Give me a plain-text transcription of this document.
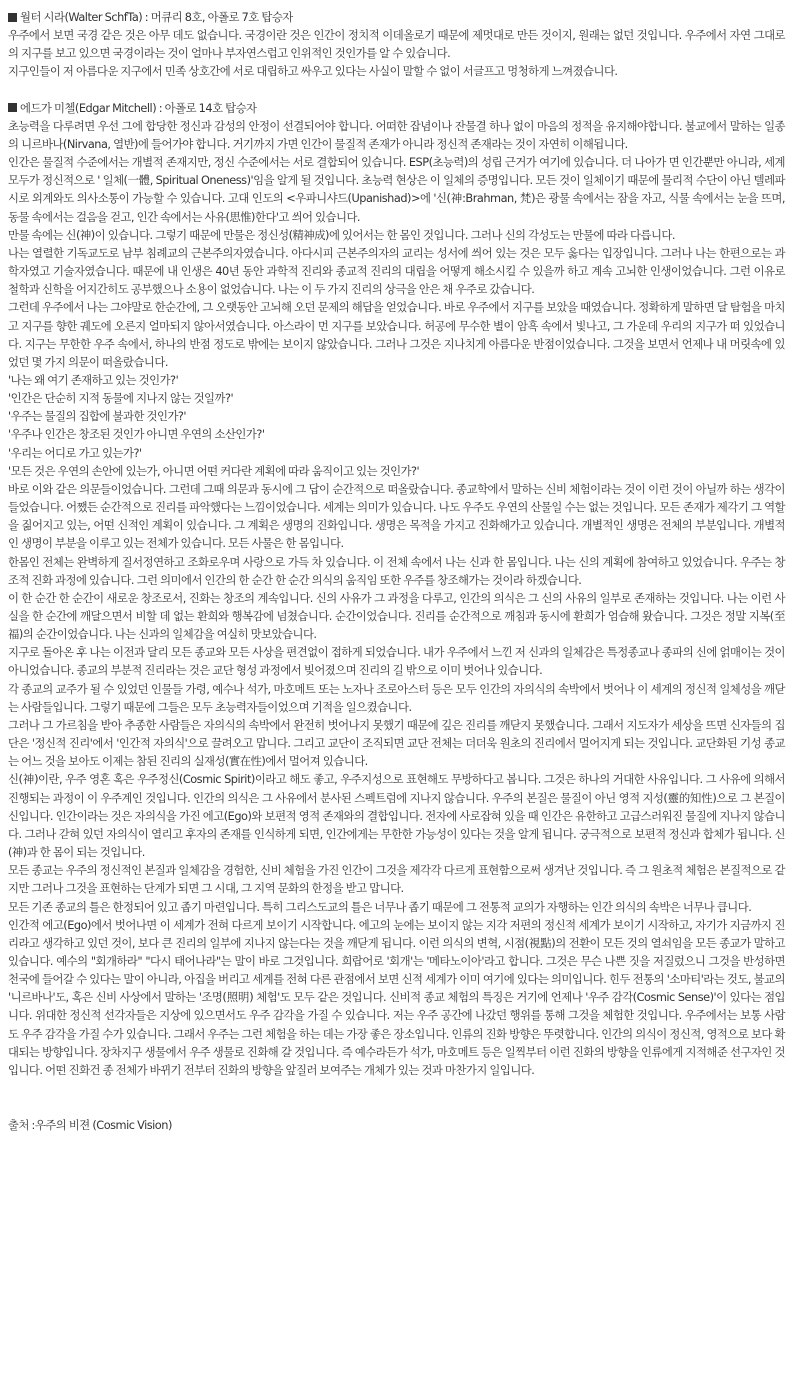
월터 시라(Walter SchfTa) : 머큐리 8호, 아폴로 7호 탑승자

우주에서 보면 국경 같은 것은 아무 데도 없습니다. 국경이란 것은 인간이 정치적 이데올로기 때문에 제멋대로 만든 것이지, 원래는 없던 것입니다. 우주에서 자연 그대로의 지구를 보고 있으면 국경이라는 것이 얼마나 부자연스럽고 인위적인 것인가를 알 수 있습니다.

지구인들이 저 아름다운 지구에서 민족 상호간에 서로 대립하고 싸우고 있다는 사실이 말할 수 없이 서글프고 멍청하게 느껴졌습니다.

에드가 미첼(Edgar Mitchell) : 아폴로 14호 탑승자

초능력을 다루려면 우선 그에 합당한 정신과 감성의 안정이 선결되어야 합니다. 어떠한 잡념이나 잔물결 하나 없이 마음의 정적을 유지해야합니다. 불교에서 말하는 일종의 니르바나(Nirvana, 열반)에 들어가야 합니다. 거기까지 가면 인간이 물질적 존재가 아니라 정신적 존재라는 것이 자연히 이해됩니다.

인간은 물질적 수준에서는 개별적 존재지만, 정신 수준에서는 서로 결합되어 있습니다. ESP(초능력)의 성립 근거가 여기에 있습니다. 더 나아가 면 인간뿐만 아니라, 세계 모두가 정신적으로 ' 일체(一體, Spiritual Oneness)'임을 알게 될 것입니다. 초능력 현상은 이 일체의 증명입니다. 모든 것이 일체이기 때문에 물리적 수단이 아닌 텔레파시로 외계와도 의사소통이 가능할 수 있습니다. 고대 인도의 <우파니샤드(Upanishad)>에 '신(神:Brahman, 梵)은 광물 속에서는 잠을 자고, 식물 속에서는 눈을 뜨며, 동물 속에서는 걸음을 걷고, 인간 속에서는 사유(思惟)한다'고 씌어 있습니다.

만물 속에는 신(神)이 있습니다. 그렇기 때문에 만물은 정신성(精神成)에 있어서는 한 몸인 것입니다. 그러나 신의 각성도는 만물에 따라 다릅니다.

나는 열렬한 기독교도로 남부 침례교의 근본주의자였습니다. 아다시피 근본주의자의 교리는 성서에 씌어 있는 것은 모두 옳다는 입장입니다. 그러나 나는 한편으로는 과학자였고 기술자였습니다. 때문에 내 인생은 40년 동안 과학적 진리와 종교적 진리의 대립을 어떻게 해소시킬 수 있을까 하고 계속 고뇌한 인생이었습니다. 그런 이유로 철학과 신학을 어지간히도 공부했으나 소용이 없었습니다. 나는 이 두 가지 진리의 상극을 안은 채 우주로 갔습니다.

그런데 우주에서 나는 그야말로 한순간에, 그 오랫동안 고뇌해 오던 문제의 해답을 얻었습니다. 바로 우주에서 지구를 보았을 때였습니다. 정확하게 말하면 달 탐험을 마치고 지구를 향한 궤도에 오른지 얼마되지 않아서였습니다. 아스라이 먼 지구를 보았습니다. 허공에 무수한 별이 암흑 속에서 빛나고, 그 가운데 우리의 지구가 떠 있었습니다. 지구는 무한한 우주 속에서, 하나의 반점 정도로 밖에는 보이지 않았습니다. 그러나 그것은 지나치게 아름다운 반점이었습니다. 그것을 보면서 언제나 내 머릿속에 있었던 몇 가지 의문이 떠올랐습니다.

'나는 왜 여기 존재하고 있는 것인가?'

'인간은 단순히 지적 동물에 지나지 않는 것일까?'

'우주는 물질의 집합에 불과한 것인가?'

'우주나 인간은 창조된 것인가 아니면 우연의 소산인가?'

'우리는 어디로 가고 있는가?'

'모든 것은 우연의 손안에 있는가, 아니면 어떤 커다란 계획에 따라 움직이고 있는 것인가?'

바로 이와 같은 의문들이었습니다. 그런데 그때 의문과 동시에 그 답이 순간적으로 떠올랐습니다. 종교학에서 말하는 신비 체험이라는 것이 이런 것이 아닐까 하는 생각이 들었습니다. 어쨌든 순간적으로 진리를 파악했다는 느낌이었습니다. 세계는 의미가 있습니다. 나도 우주도 우연의 산물일 수는 없는 것입니다. 모든 존재가 제각기 그 역할을 짊어지고 있는, 어떤 신적인 계획이 있습니다. 그 계획은 생명의 진화입니다. 생명은 목적을 가지고 진화해가고 있습니다. 개별적인 생명은 전체의 부분입니다. 개별적인 생명이 부분을 이루고 있는 전체가 있습니다. 모든 사물은 한 몸입니다.

한몸인 전체는 완벽하게 질서정연하고 조화로우며 사랑으로 가득 차 있습니다. 이 전체 속에서 나는 신과 한 몸입니다. 나는 신의 계획에 참여하고 있었습니다. 우주는 창조적 진화 과정에 있습니다. 그런 의미에서 인간의 한 순간 한 순간 의식의 움직임 또한 우주를 창조해가는 것이라 하겠습니다.

이 한 순간 한 순간이 새로운 창조로서, 진화는 창조의 계속입니다. 신의 사유가 그 과정을 다루고, 인간의 의식은 그 신의 사유의 일부로 존재하는 것입니다. 나는 이런 사실을 한 순간에 깨달으면서 비할 데 없는 환희와 행복감에 넘쳤습니다. 순간이었습니다. 진리를 순간적으로 깨침과 동시에 환희가 엄습해 왔습니다. 그것은 정말 지복(至福)의 순간이었습니다. 나는 신과의 일체감을 여실히 맛보았습니다.

지구로 돌아온 후 나는 이전과 달리 모든 종교와 모든 사상을 편견없이 접하게 되었습니다. 내가 우주에서 느낀 저 신과의 일체감은 특정종교나 종파의 신에 얽매이는 것이 아니었습니다. 종교의 부분적 진리라는 것은 교단 형성 과정에서 빚어졌으며 진리의 길 밖으로 이미 벗어나 있습니다.

각 종교의 교주가 될 수 있었던 인물들 가령, 예수나 석가, 마호메트 또는 노자나 조로아스터 등은 모두 인간의 자의식의 속박에서 벗어나 이 세계의 정신적 일체성을 깨닫는 사람들입니다. 그렇기 때문에 그들은 모두 초능력자들이었으며 기적을 일으켰습니다.

그러나 그 가르침을 받아 추종한 사람들은 자의식의 속박에서 완전히 벗어나지 못했기 때문에 깊은 진리를 깨닫지 못했습니다. 그래서 지도자가 세상을 뜨면 신자들의 집단은 '정신적 진리'에서 '인간적 자의식'으로 끌려오고 맙니다. 그리고 교단이 조직되면 교단 전체는 더더욱 원초의 진리에서 멀어지게 되는 것입니다. 교단화된 기성 종교는 어느 것을 보아도 이제는 참된 진리의 실재성(實在性)에서 멀어져 있습니다.

신(神)이란, 우주 영혼 혹은 우주정신(Cosmic Spirit)이라고 해도 좋고, 우주지성으로 표현해도 무방하다고 봅니다. 그것은 하나의 거대한 사유입니다. 그 사유에 의해서 진행되는 과정이 이 우주계인 것입니다. 인간의 의식은 그 사유에서 분사된 스펙트럼에 지나지 않습니다. 우주의 본질은 물질이 아닌 영적 지성(靈的知性)으로 그 본질이 신입니다. 인간이라는 것은 자의식을 가진 에고(Ego)와 보편적 영적 존재와의 결합입니다. 전자에 사로잡혀 있을 때 인간은 유한하고 고급스러워진 물질에 지나지 않습니다. 그러나 갇혀 있던 자의식이 열리고 후자의 존재를 인식하게 되면, 인간에게는 무한한 가능성이 있다는 것을 알게 됩니다. 궁극적으로 보편적 정신과 합체가 됩니다. 신(神)과 한 몸이 되는 것입니다.

모든 종교는 우주의 정신적인 본질과 일체감을 경험한, 신비 체험을 가진 인간이 그것을 제각각 다르게 표현함으로써 생겨난 것입니다. 즉 그 원초적 체험은 본질적으로 같지만 그러나 그것을 표현하는 단계가 되면 그 시대, 그 지역 문화의 한정을 받고 맙니다.

모든 기존 종교의 틀은 한정되어 있고 좁기 마련입니다. 특히 그리스도교의 틀은 너무나 좁기 때문에 그 전통적 교의가 자행하는 인간 의식의 속박은 너무나 큽니다.

인간적 에고(Ego)에서 벗어나면 이 세계가 전혀 다르게 보이기 시작합니다. 에고의 눈에는 보이지 않는 지각 저편의 정신적 세계가 보이기 시작하고, 자기가 지금까지 진리라고 생각하고 있던 것이, 보다 큰 진리의 일부에 지나지 않는다는 것을 깨닫게 됩니다. 이런 의식의 변혁, 시점(視點)의 전환이 모든 것의 열쇠임을 모든 종교가 말하고 있습니다. 예수의 "회개하라" "다시 태어나라"는 말이 바로 그것입니다. 희랍어로 '회개'는 '메타노이아'라고 합니다. 그것은 무슨 나쁜 짓을 저질렀으니 그것을 반성하면 천국에 들어갈 수 있다는 말이 아니라, 아집을 버리고 세계를 전혀 다른 관점에서 보면 신적 세계가 이미 여기에 있다는 의미입니다. 힌두 전통의 '소마티'라는 것도, 불교의 '니르바나'도, 혹은 신비 사상에서 말하는 '조명(照明) 체험'도 모두 같은 것입니다. 신비적 종교 체험의 특징은 거기에 언제나 '우주 감각(Cosmic Sense)'이 있다는 점입니다. 위대한 정신적 선각자들은 지상에 있으면서도 우주 감각을 가질 수 있습니다. 저는 우주 공간에 나갔던 행위를 통해 그것을 체험한 것입니다. 우주에서는 보통 사람도 우주 감각을 가질 수가 있습니다. 그래서 우주는 그런 체험을 하는 데는 가장 좋은 장소입니다. 인류의 진화 방향은 뚜렷합니다. 인간의 의식이 정신적, 영적으로 보다 확대되는 방향입니다. 장차지구 생물에서 우주 생물로 진화해 갈 것입니다. 즉 예수라든가 석가, 마호메트 등은 일찍부터 이런 진화의 방향을 인류에게 지적해준 선구자인 것입니다. 어떤 진화건 종 전체가 바뀌기 전부터 진화의 방향을 앞질러 보여주는 개체가 있는 것과 마찬가지 일입니다.

출처 :우주의 비젼 (Cosmic Vision)
